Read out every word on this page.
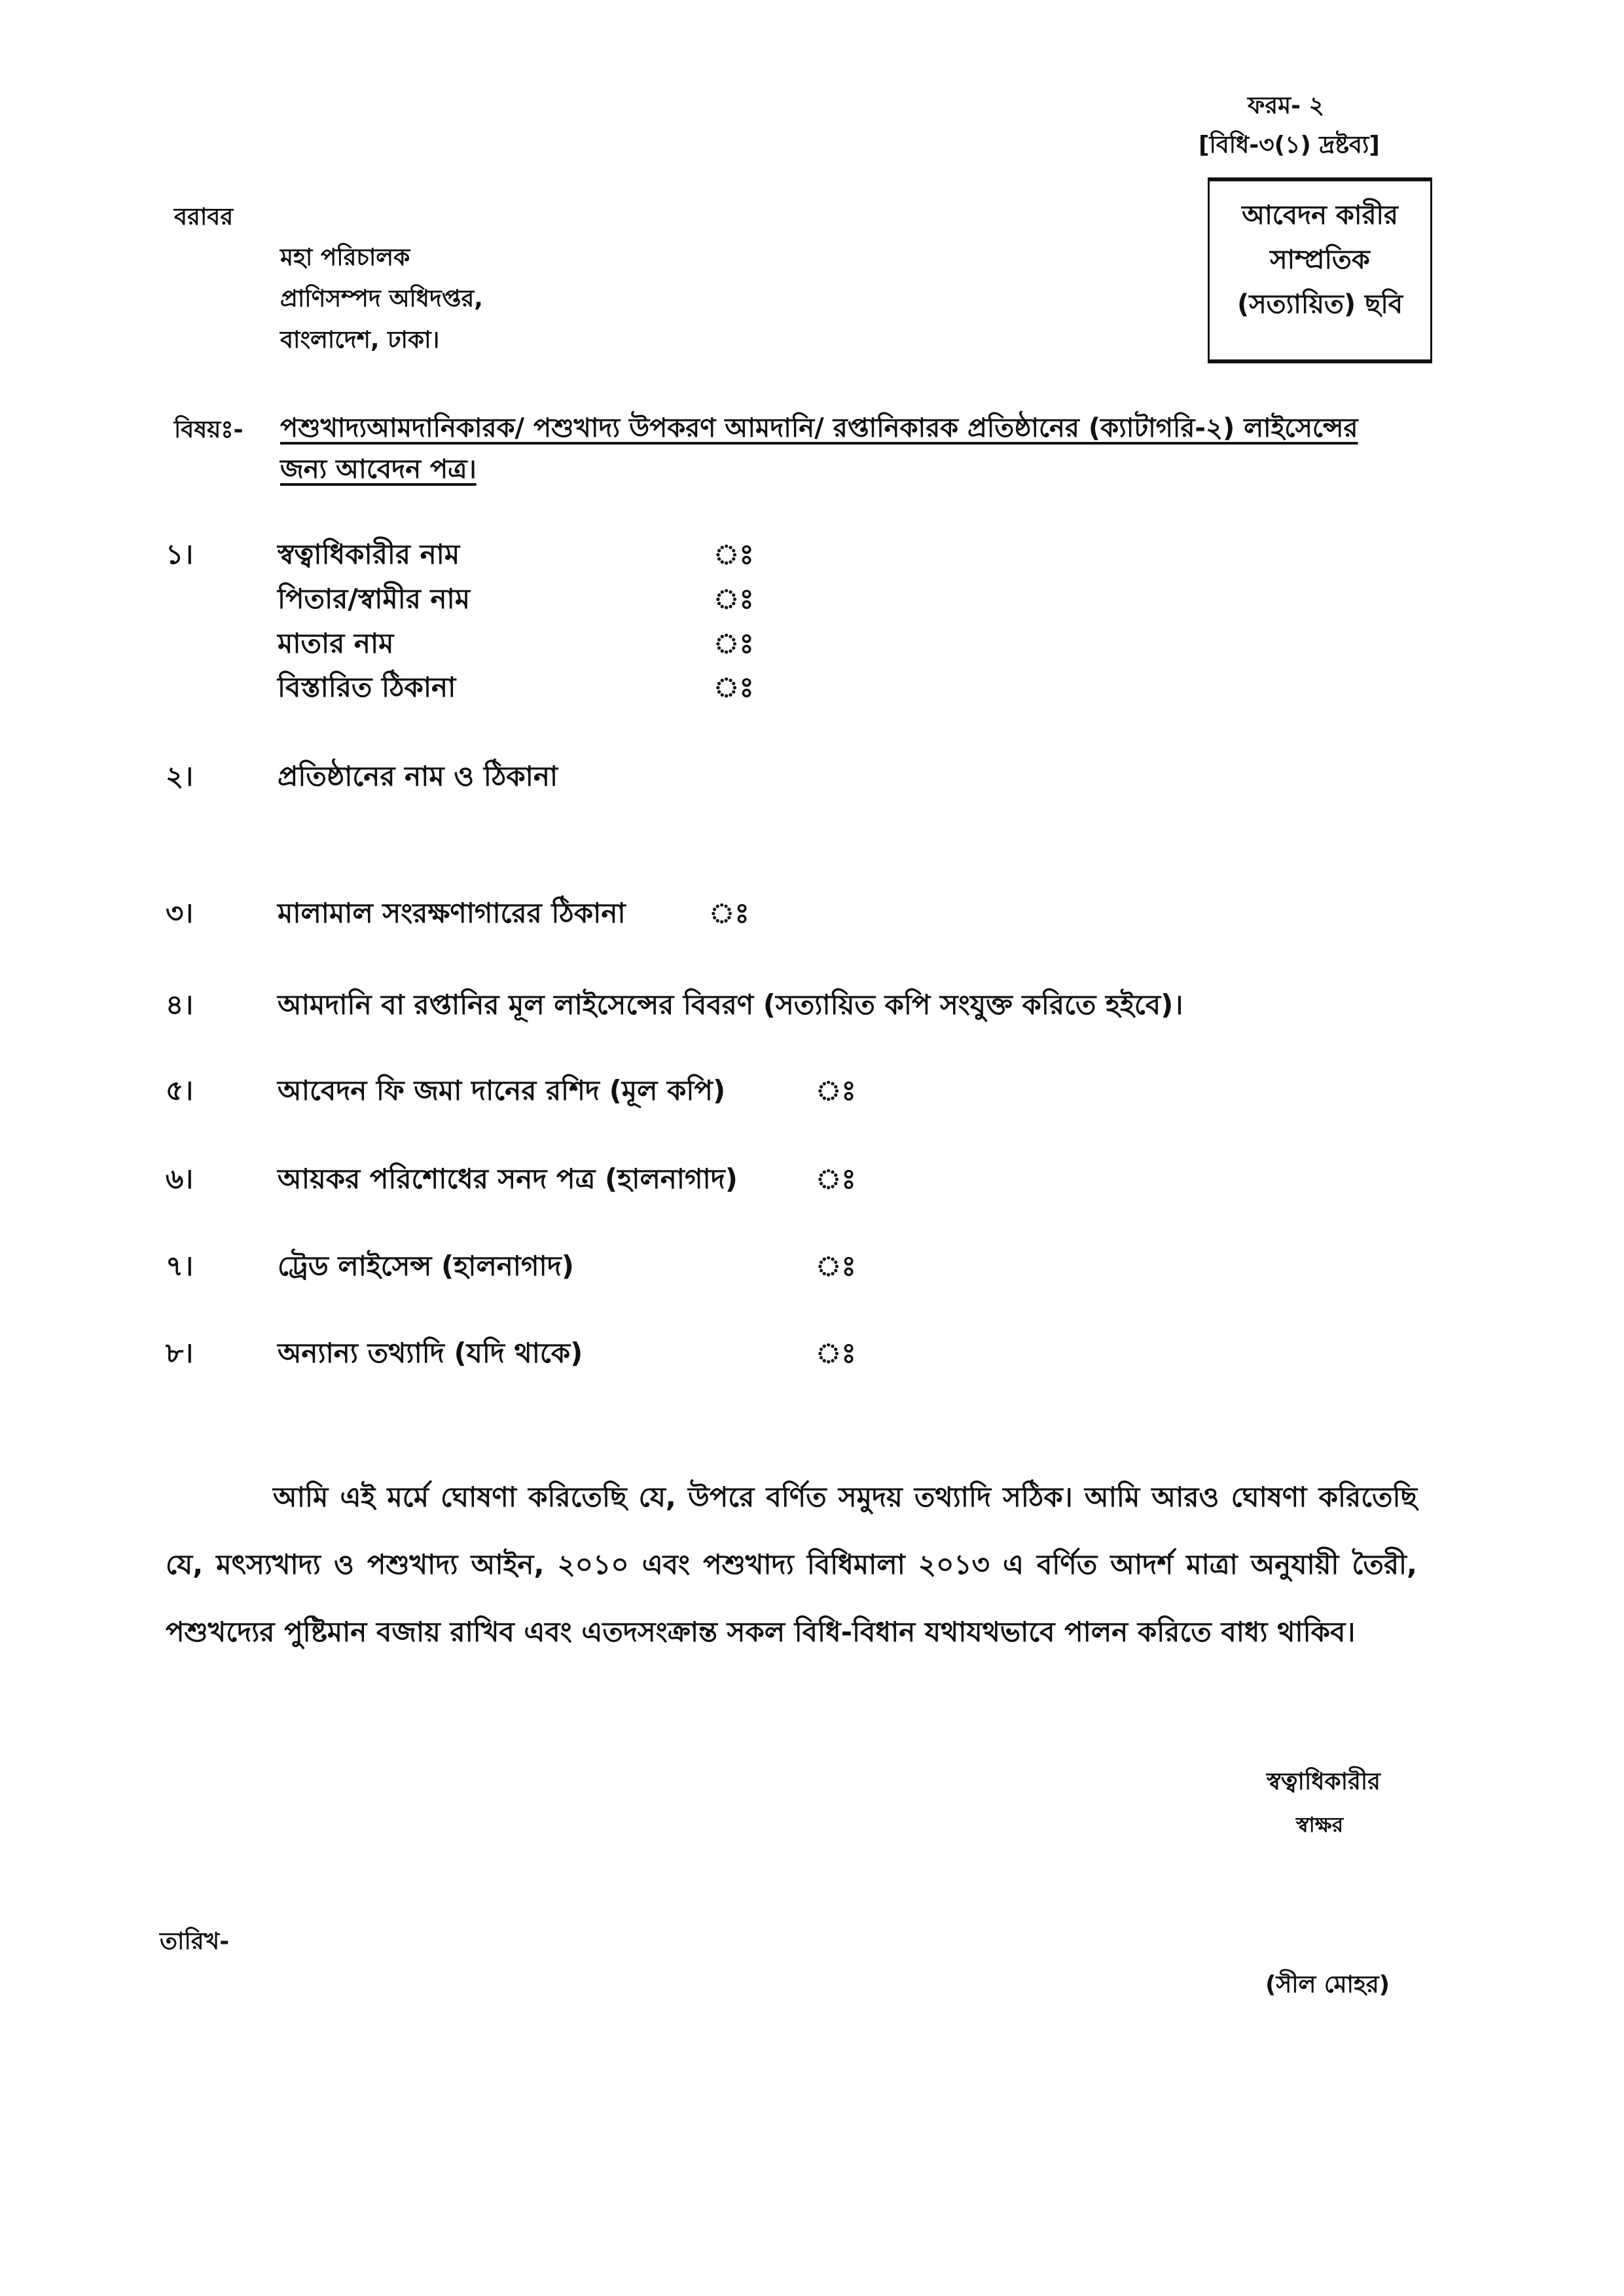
ফরম- ২
[বিধি-৩(১) দ্রষ্টব্য]
আবেদন কারীর
সাম্প্রতিক
(সত্যায়িত) ছবি
বরাবর
মহা পরিচালক
প্রাণিসম্পদ অধিদপ্তর,
বাংলাদেশ, ঢাকা।
বিষয়ঃ- পশুখাদ্যআমদানিকারক/ পশুখাদ্য উপকরণ আমদানি/ রপ্তানিকারক প্রতিষ্ঠানের (ক্যাটাগরি-২) লাইসেন্সের
জন্য আবেদন পত্র।
১।	স্বত্বাধিকারীর নাম	ঃ
পিতার/স্বামীর নাম	ঃ
মাতার নাম	ঃ
বিস্তারিত ঠিকানা	ঃ
২।	প্রতিষ্ঠানের নাম ও ঠিকানা
৩।	মালামাল সংরক্ষণাগারের ঠিকানা	ঃ
৪।	আমদানি বা রপ্তানির মূল লাইসেন্সের বিবরণ (সত্যায়িত কপি সংযুক্ত করিতে হইবে)।
৫।	আবেদন ফি জমা দানের রশিদ (মূল কপি)	ঃ
৬।	আয়কর পরিশোধের সনদ পত্র (হালনাগাদ)	ঃ
৭।	ট্রেড লাইসেন্স (হালনাগাদ)	ঃ
৮।	অন্যান্য তথ্যাদি (যদি থাকে)	ঃ
আমি এই মর্মে ঘোষণা করিতেছি যে, উপরে বর্ণিত সমুদয় তথ্যাদি সঠিক। আমি আরও ঘোষণা করিতেছি যে, মৎস্যখাদ্য ও পশুখাদ্য আইন, ২০১০ এবং পশুখাদ্য বিধিমালা ২০১৩ এ বর্ণিত আদর্শ মাত্রা অনুযায়ী তৈরী, পশুখদ্যের পুষ্টিমান বজায় রাখিব এবং এতদসংক্রান্ত সকল বিধি-বিধান যথাযথভাবে পালন করিতে বাধ্য থাকিব।
স্বত্বাধিকারীর
স্বাক্ষর
তারিখ-
(সীল মোহর)
